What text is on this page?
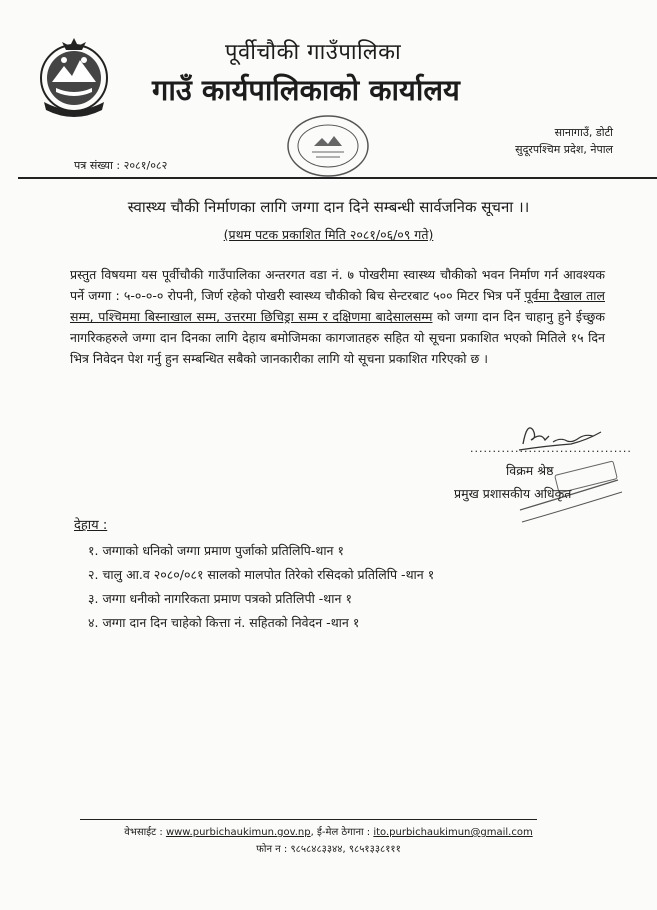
पूर्वीचौकी गाउँपालिका
गाउँ कार्यपालिकाको कार्यालय
सानागाउँ, डोटी
सुदूरपश्चिम प्रदेश, नेपाल
पत्र संख्या : २०८१/०८२
स्वास्थ्य चौकी निर्माणका लागि जग्गा दान दिने सम्बन्धी सार्वजनिक सूचना ।।
(प्रथम पटक प्रकाशित मिति २०८१/०६/०९ गते)
प्रस्तुत विषयमा यस पूर्वीचौकी गाउँपालिका अन्तरगत वडा नं. ७ पोखरीमा स्वास्थ्य चौकीको भवन निर्माण गर्न आवश्यक पर्ने जग्गा : ५-०-०-० रोपनी, जिर्ण रहेको पोखरी स्वास्थ्य चौकीको बिच सेन्टरबाट ५०० मिटर भित्र पर्ने पूर्वमा दैखाल ताल सम्म, पश्चिममा बिस्नाखाल सम्म, उत्तरमा छिचिड्रा सम्म र दक्षिणमा बादेसालसम्म को जग्गा दान दिन चाहानु हुने ईच्छुक नागरिकहरुले जग्गा दान दिनका लागि देहाय बमोजिमका कागजातहरु सहित यो सूचना प्रकाशित भएको मितिले १५ दिन भित्र निवेदन पेश गर्नु हुन सम्बन्धित सबैको जानकारीका लागि यो सूचना प्रकाशित गरिएको छ ।
....................................
विक्रम श्रेष्ठ
प्रमुख प्रशासकीय अधिकृत
देहाय :
१. जग्गाको धनिको जग्गा प्रमाण पुर्जाको प्रतिलिपि-थान १
२. चालु आ.व २०८०/०८१ सालको मालपोत तिरेको रसिदको प्रतिलिपि -थान १
३. जग्गा धनीको नागरिकता प्रमाण पत्रको प्रतिलिपी -थान १
४. जग्गा दान दिन चाहेको कित्ता नं. सहितको निवेदन -थान १
वेभसाईट : www.purbichaukimun.gov.np, ई-मेल ठेगाना : ito.purbichaukimun@gmail.com
फोन न : ९८५८४८३३४४, ९८५१३३८१११
